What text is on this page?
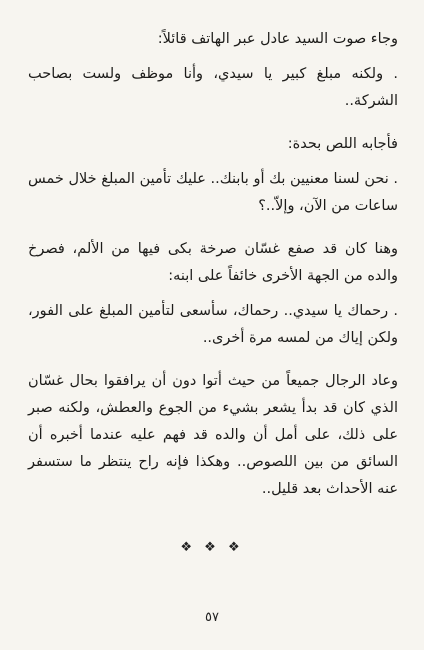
وجاء صوت السيد عادل عبر الهاتف قائلاً:

. ولكنه مبلغ كبير يا سيدي، وأنا موظف ولست بصاحب الشركة..

فأجابه اللص بحدة:

. نحن لسنا معنيين بك أو بابنك.. عليك تأمين المبلغ خلال خمس ساعات من الآن، وإلاّ..؟

وهنا كان قد صفع غسّان صرخة بكى فيها من الألم، فصرخ والده من الجهة الأخرى خائفاً على ابنه:

. رحماك يا سيدي.. رحماك، سأسعى لتأمين المبلغ على الفور، ولكن إياك من لمسه مرة أخرى..

وعاد الرجال جميعاً من حيث أتوا دون أن يرافقوا بحال غسّان الذي كان قد بدأ يشعر بشيء من الجوع والعطش، ولكنه صبر على ذلك، على أمل أن والده قد فهم عليه عندما أخبره أن السائق من بين اللصوص.. وهكذا فإنه راح ينتظر ما ستسفر عنه الأحداث بعد قليل..

❖ ❖ ❖
٥٧
